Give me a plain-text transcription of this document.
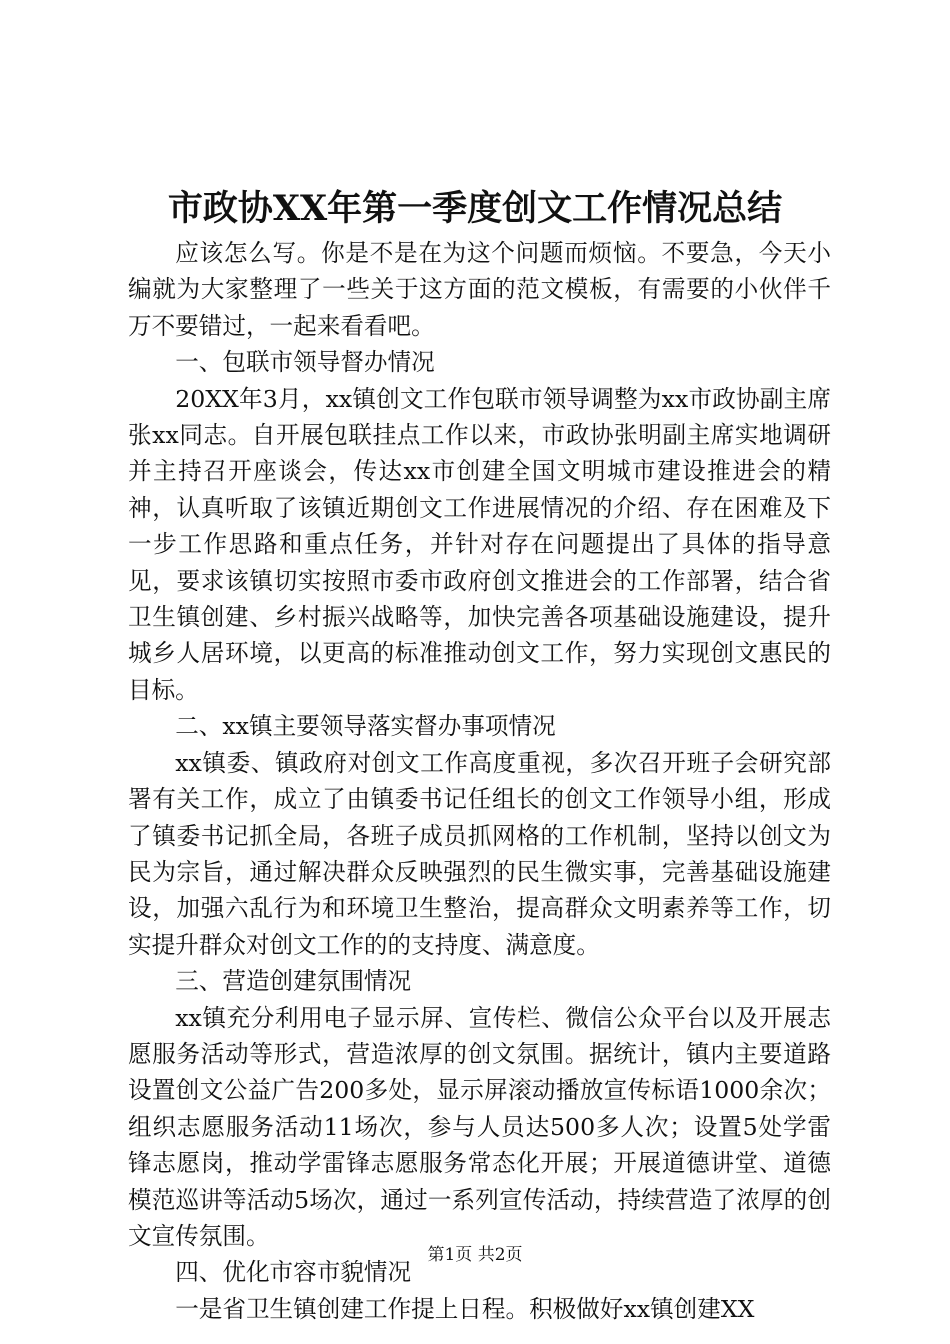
市政协XX年第一季度创文工作情况总结

应该怎么写。你是不是在为这个问题而烦恼。不要急，今天小编就为大家整理了一些关于这方面的范文模板，有需要的小伙伴千万不要错过，一起来看看吧。

一、包联市领导督办情况

20XX年3月，xx镇创文工作包联市领导调整为xx市政协副主席张xx同志。自开展包联挂点工作以来，市政协张明副主席实地调研并主持召开座谈会，传达xx市创建全国文明城市建设推进会的精神，认真听取了该镇近期创文工作进展情况的介绍、存在困难及下一步工作思路和重点任务，并针对存在问题提出了具体的指导意见，要求该镇切实按照市委市政府创文推进会的工作部署，结合省卫生镇创建、乡村振兴战略等，加快完善各项基础设施建设，提升城乡人居环境，以更高的标准推动创文工作，努力实现创文惠民的目标。

二、xx镇主要领导落实督办事项情况

xx镇委、镇政府对创文工作高度重视，多次召开班子会研究部署有关工作，成立了由镇委书记任组长的创文工作领导小组，形成了镇委书记抓全局，各班子成员抓网格的工作机制，坚持以创文为民为宗旨，通过解决群众反映强烈的民生微实事，完善基础设施建设，加强六乱行为和环境卫生整治，提高群众文明素养等工作，切实提升群众对创文工作的的支持度、满意度。

三、营造创建氛围情况

xx镇充分利用电子显示屏、宣传栏、微信公众平台以及开展志愿服务活动等形式，营造浓厚的创文氛围。据统计，镇内主要道路设置创文公益广告200多处，显示屏滚动播放宣传标语1000余次；组织志愿服务活动11场次，参与人员达500多人次；设置5处学雷锋志愿岗，推动学雷锋志愿服务常态化开展；开展道德讲堂、道德模范巡讲等活动5场次，通过一系列宣传活动，持续营造了浓厚的创文宣传氛围。

四、优化市容市貌情况

一是省卫生镇创建工作提上日程。积极做好xx镇创建XX

第1页 共2页
